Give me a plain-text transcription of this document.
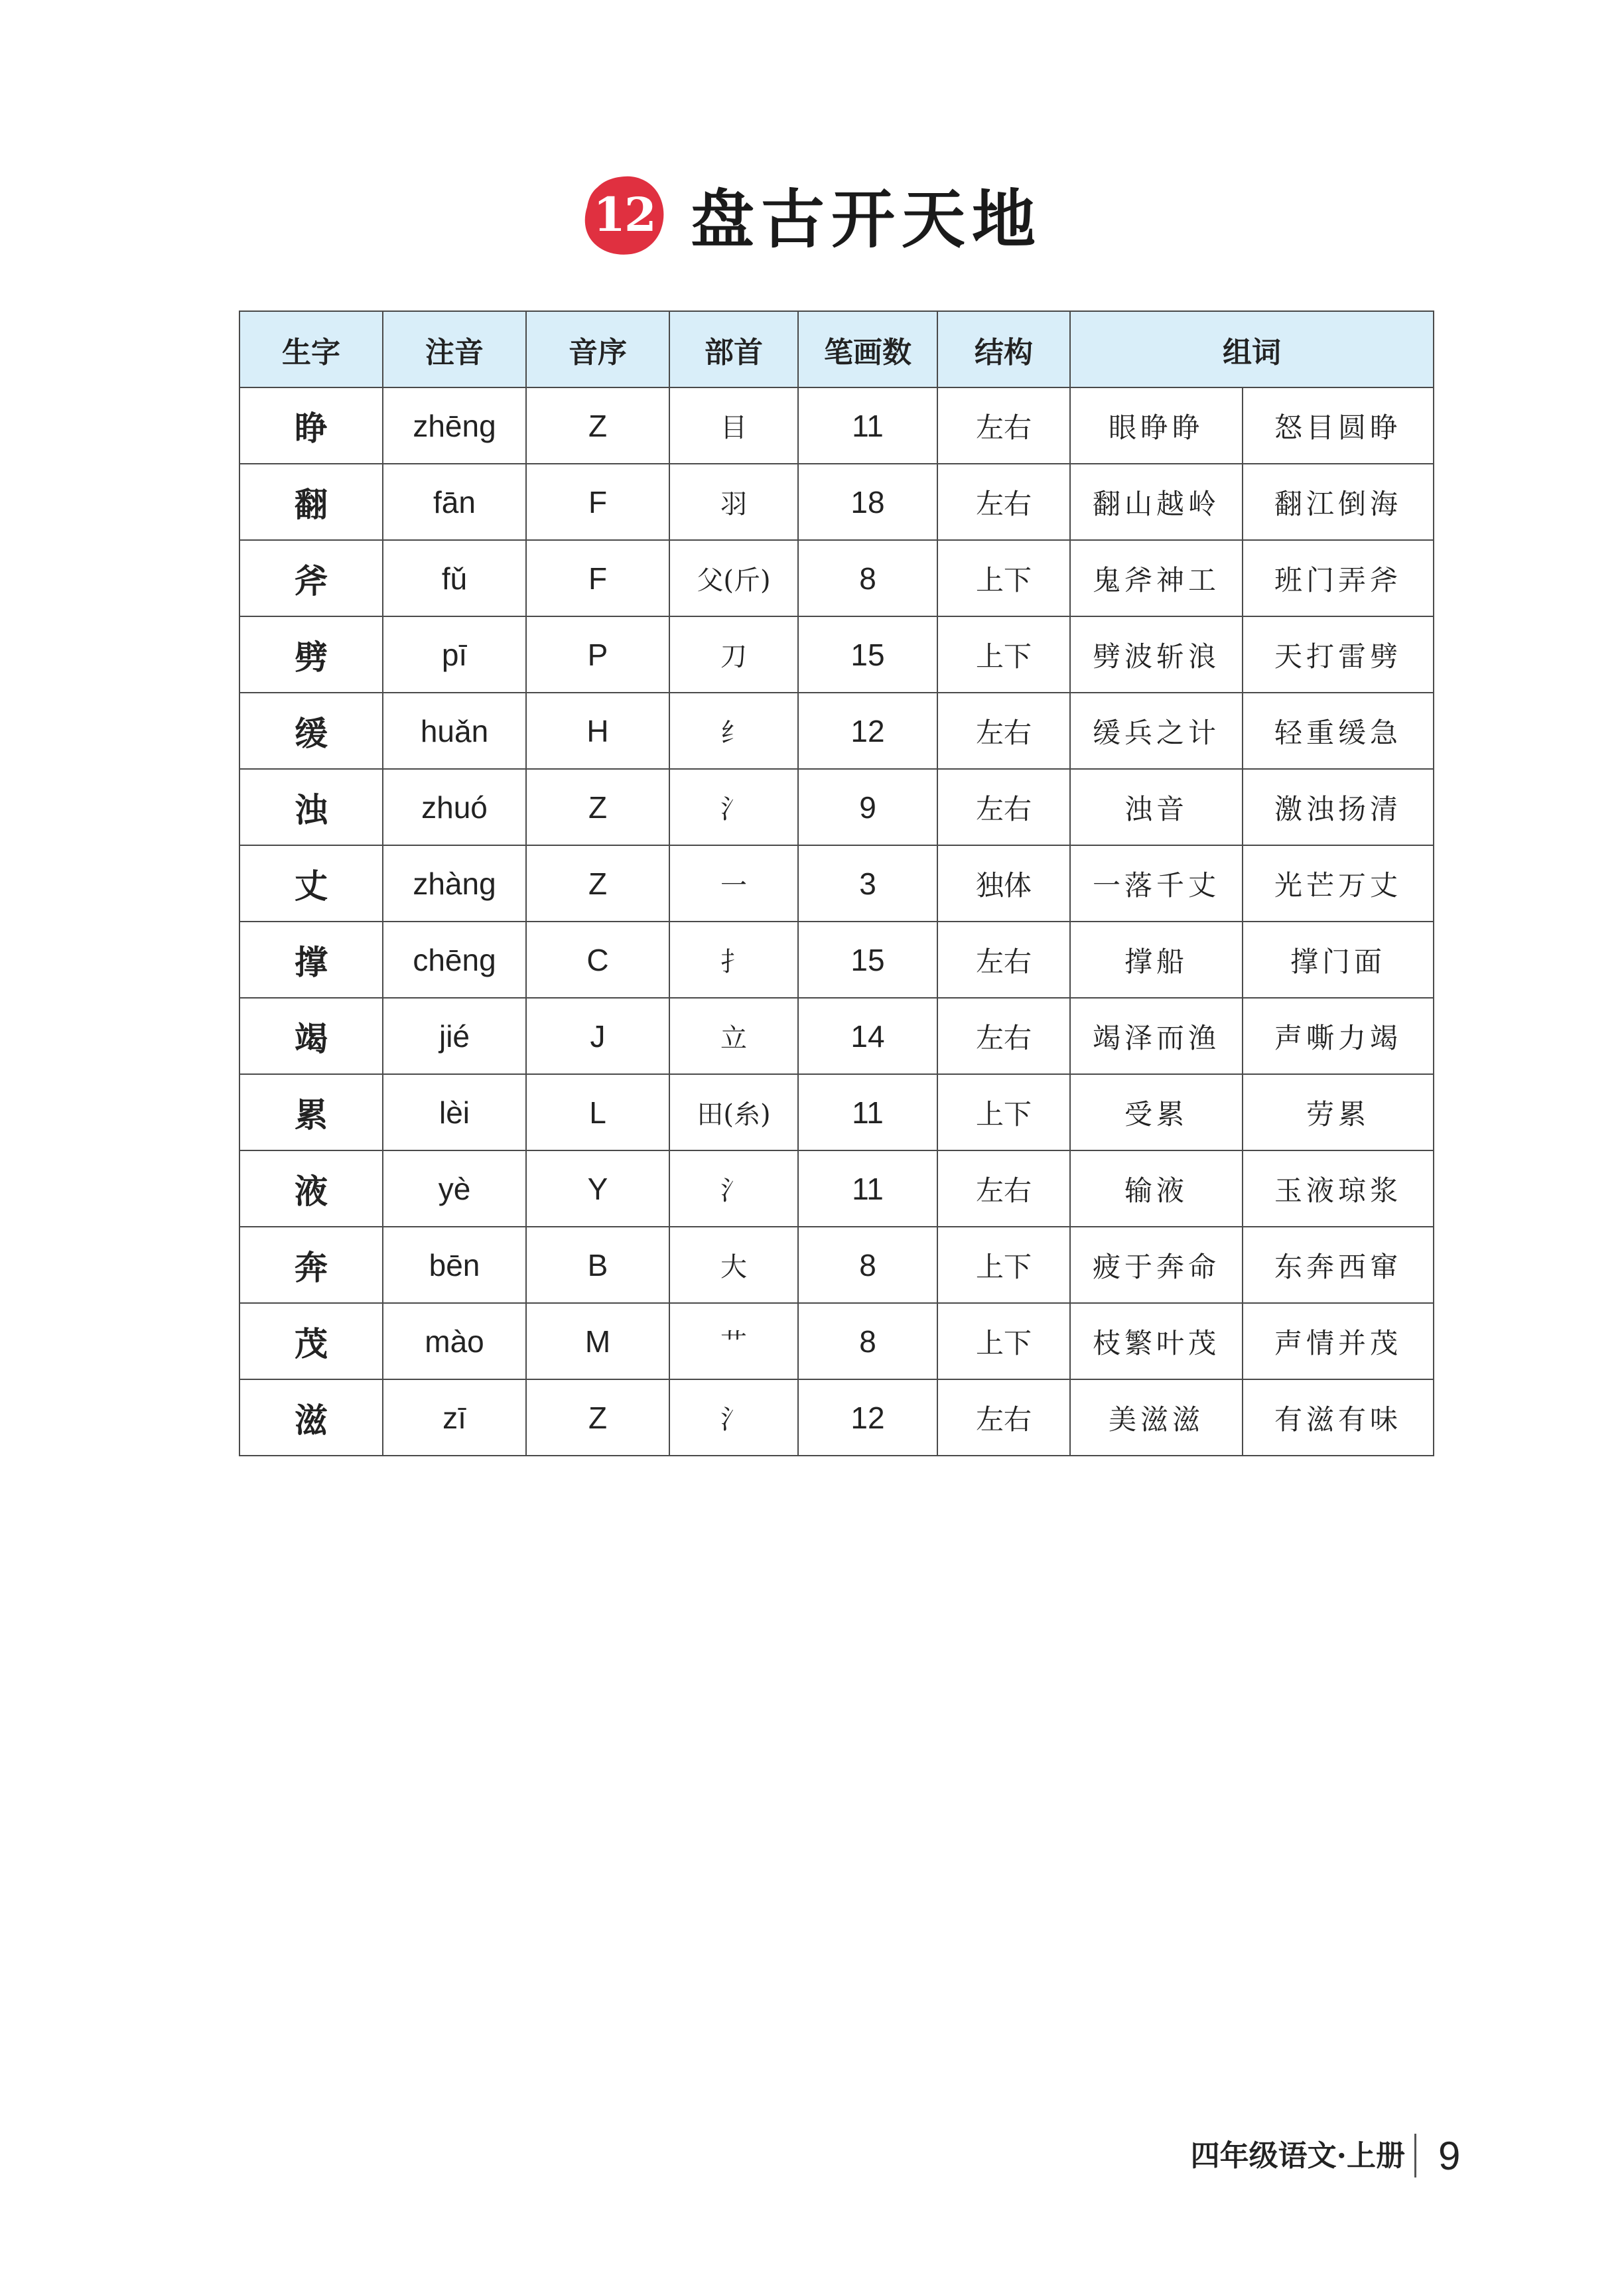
12 盘古开天地
生字	注音	音序	部首	笔画数	结构	组词	
睁	zhēng	Z	目	11	左右	眼睁睁	怒目圆睁
翻	fān	F	羽	18	左右	翻山越岭	翻江倒海
斧	fǔ	F	父(斤)	8	上下	鬼斧神工	班门弄斧
劈	pī	P	刀	15	上下	劈波斩浪	天打雷劈
缓	huǎn	H	纟	12	左右	缓兵之计	轻重缓急
浊	zhuó	Z	氵	9	左右	浊音	激浊扬清
丈	zhàng	Z	一	3	独体	一落千丈	光芒万丈
撑	chēng	C	扌	15	左右	撑船	撑门面
竭	jié	J	立	14	左右	竭泽而渔	声嘶力竭
累	lèi	L	田(糸)	11	上下	受累	劳累
液	yè	Y	氵	11	左右	输液	玉液琼浆
奔	bēn	B	大	8	上下	疲于奔命	东奔西窜
茂	mào	M	艹	8	上下	枝繁叶茂	声情并茂
滋	zī	Z	氵	12	左右	美滋滋	有滋有味
四年级语文·上册 9
